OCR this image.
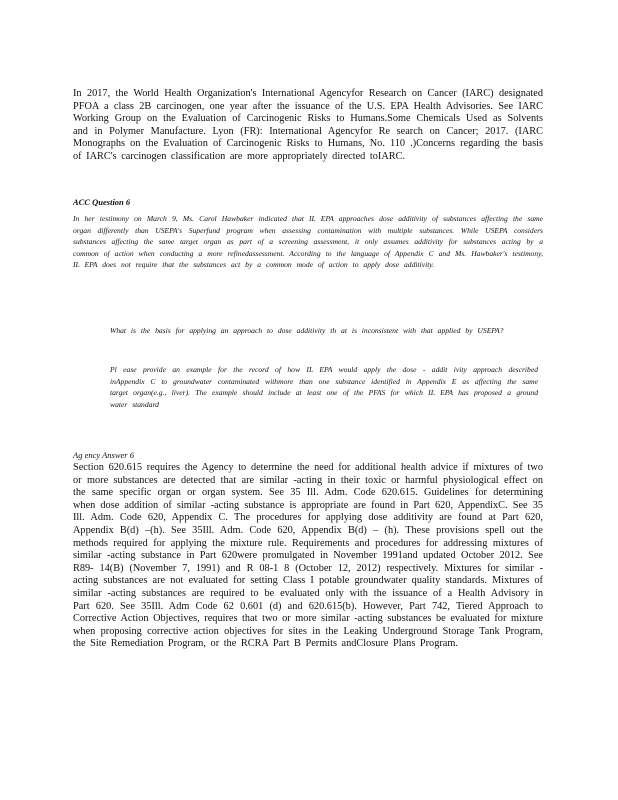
In 2017, the World Health Organization's International Agencyfor Research on Cancer (IARC) designated PFOA a class 2B carcinogen, one year after the issuance of the U.S. EPA Health Advisories. See IARC Working Group on the Evaluation of Carcinogenic Risks to Humans.Some Chemicals Used as Solvents and in Polymer Manufacture. Lyon (FR): International Agencyfor Re search on Cancer; 2017. (IARC Monographs on the Evaluation of Carcinogenic Risks to Humans, No. 110 .)Concerns regarding the basis of IARC's carcinogen classification are more appropriately directed toIARC.

ACC Question 6

In her testimony on March 9, Ms. Carol Hawbaker indicated that IL EPA approaches dose additivity of substances affecting the same organ differently than USEPA's Superfund program when assessing contamination with multiple substances. While USEPA considers substances affecting the same target organ as part of a screening assessment, it only assumes additivity for substances acting by a common of action when conducting a more refinedassessment. According to the language of Appendix C and Ms. Hawbaker's testimony, IL EPA does not require that the substances act by a common mode of action to apply dose additivity.

What is the basis for applying an approach to dose additivity th at is inconsistent with that applied by USEPA?

Pl ease provide an example for the record of how IL EPA would apply the dose - addit ivity approach described inAppendix C to groundwater contaminated withmore than one substance identified in Appendix E as affecting the same target organ(e.g., liver). The example should include at least one of the PFAS for which IL EPA has proposed a ground water standard

Ag ency Answer 6

Section 620.615 requires the Agency to determine the need for additional health advice if mixtures of two or more substances are detected that are similar -acting in their toxic or harmful physiological effect on the same specific organ or organ system. See 35 Ill. Adm. Code 620.615. Guidelines for determining when dose addition of similar -acting substance is appropriate are found in Part 620, AppendixC. See 35 Ill. Adm. Code 620, Appendix C. The procedures for applying dose additivity are found at Part 620, Appendix B(d) –(h). See 35Ill. Adm. Code 620, Appendix B(d) – (h). These provisions spell out the methods required for applying the mixture rule. Requirements and procedures for addressing mixtures of similar -acting substance in Part 620were promulgated in November 1991and updated October 2012. See R89- 14(B) (November 7, 1991) and R 08-1 8 (October 12, 2012) respectively. Mixtures for similar -acting substances are not evaluated for setting Class I potable groundwater quality standards. Mixtures of similar -acting substances are required to be evaluated only with the issuance of a Health Advisory in Part 620. See 35Ill. Adm Code 62 0.601 (d) and 620.615(b). However, Part 742, Tiered Approach to Corrective Action Objectives, requires that two or more similar -acting substances be evaluated for mixture when proposing corrective action objectives for sites in the Leaking Underground Storage Tank Program, the Site Remediation Program, or the RCRA Part B Permits andClosure Plans Program.
